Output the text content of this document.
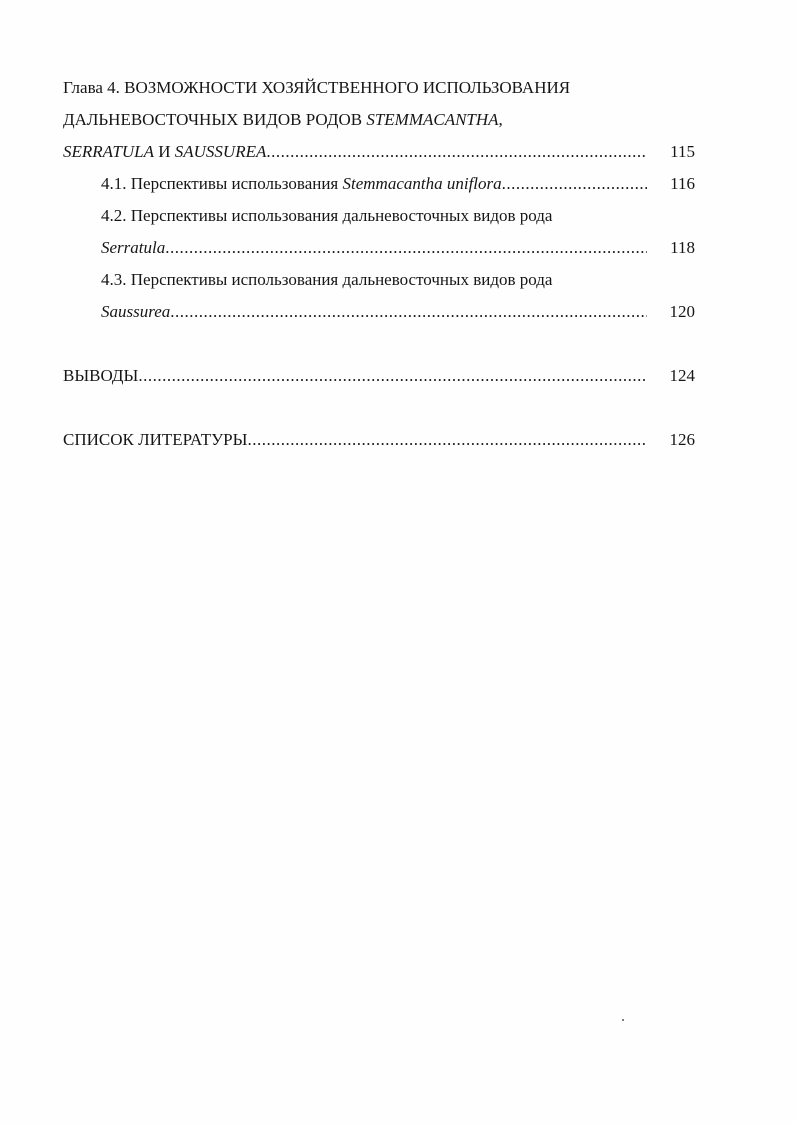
Глава 4. ВОЗМОЖНОСТИ ХОЗЯЙСТВЕННОГО ИСПОЛЬЗОВАНИЯ
ДАЛЬНЕВОСТОЧНЫХ ВИДОВ РОДОВ STEMMACANTHA,
SERRATULA И SAUSSUREA .....	115
4.1. Перспективы использования Stemmacantha uniflora .....	116
4.2. Перспективы использования дальневосточных видов рода
Serratula .....	118
4.3. Перспективы использования дальневосточных видов рода
Saussurea .....	120
ВЫВОДЫ .....	124
СПИСОК ЛИТЕРАТУРЫ .....	126
